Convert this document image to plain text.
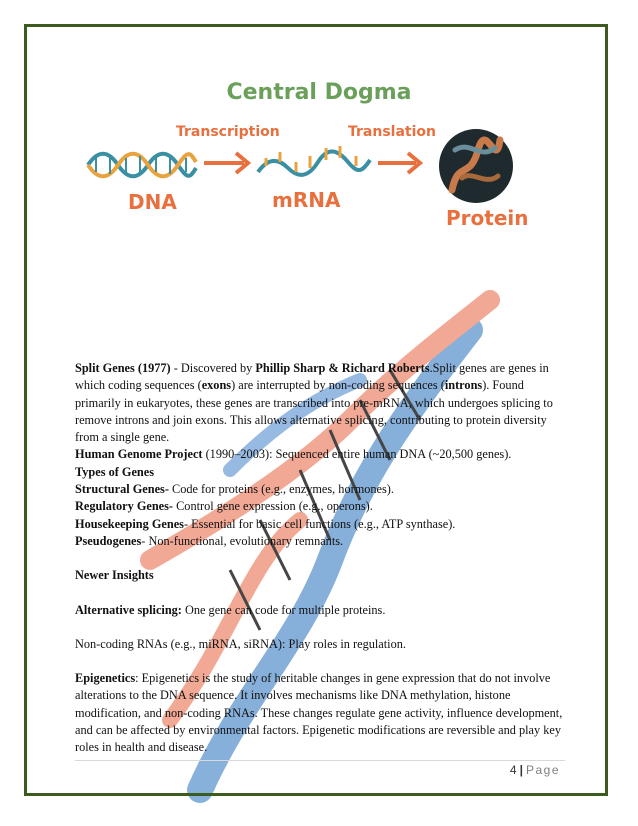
Central Dogma
Transcription	Translation
DNA	mRNA
Protein

Split Genes (1977) - Discovered by Phillip Sharp & Richard Roberts.Split genes are genes in which coding sequences (exons) are interrupted by non-coding sequences (introns). Found primarily in eukaryotes, these genes are transcribed into pre-mRNA, which undergoes splicing to remove introns and join exons. This allows alternative splicing, contributing to protein diversity from a single gene.

Human Genome Project (1990–2003): Sequenced entire human DNA (~20,500 genes).

Types of Genes

Structural Genes- Code for proteins (e.g., enzymes, hormones).

Regulatory Genes- Control gene expression (e.g., operons).

Housekeeping Genes- Essential for basic cell functions (e.g., ATP synthase).

Pseudogenes- Non-functional, evolutionary remnants.

Newer Insights

Alternative splicing: One gene can code for multiple proteins.

Non-coding RNAs (e.g., miRNA, siRNA): Play roles in regulation.

Epigenetics: Epigenetics is the study of heritable changes in gene expression that do not involve alterations to the DNA sequence. It involves mechanisms like DNA methylation, histone modification, and non-coding RNAs. These changes regulate gene activity, influence development, and can be affected by environmental factors. Epigenetic modifications are reversible and play key roles in health and disease.

4 | Page
